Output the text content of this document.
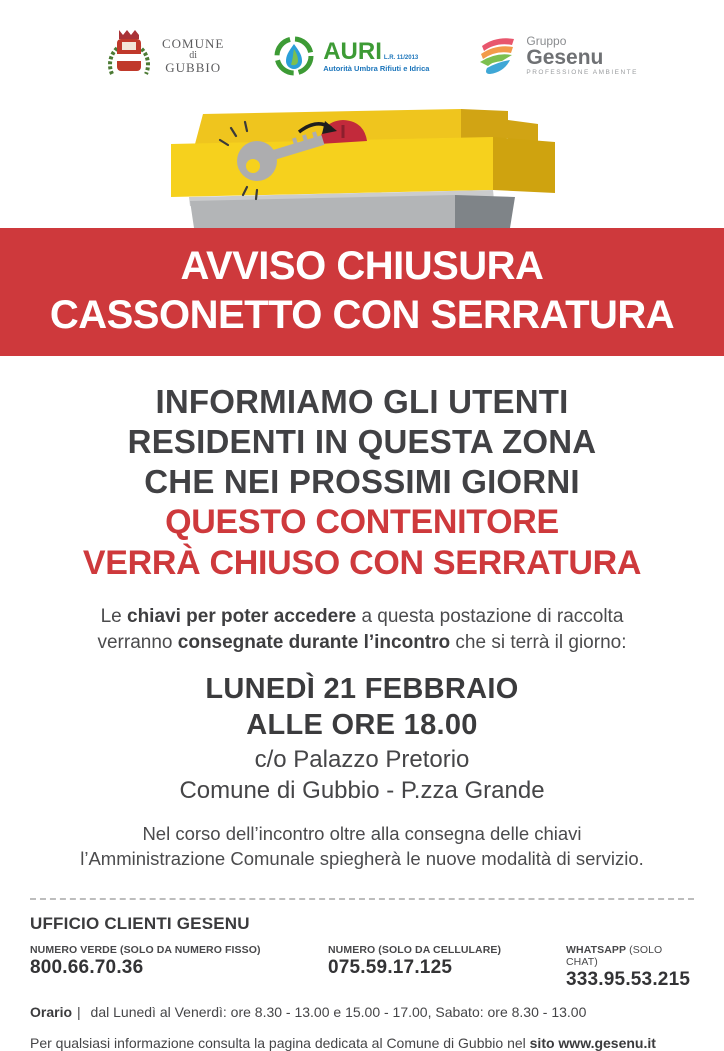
COMUNE
di
GUBBIO
AURI L.R. 11/2013
Autorità Umbra Rifiuti e Idrica
Gruppo
Gesenu
PROFESSIONE AMBIENTE
AVVISO CHIUSURA
CASSONETTO CON SERRATURA
INFORMIAMO GLI UTENTI
RESIDENTI IN QUESTA ZONA
CHE NEI PROSSIMI GIORNI
QUESTO CONTENITORE
VERRÀ CHIUSO CON SERRATURA

Le chiavi per poter accedere a questa postazione di raccolta verranno consegnate durante l’incontro che si terrà il giorno:

LUNEDÌ 21 FEBBRAIO
ALLE ORE 18.00
c/o Palazzo Pretorio
Comune di Gubbio - P.zza Grande

Nel corso dell’incontro oltre alla consegna delle chiavi
l’Amministrazione Comunale spiegherà le nuove modalità di servizio.

UFFICIO CLIENTI GESENU
NUMERO VERDE (SOLO DA NUMERO FISSO)
800.66.70.36
NUMERO (SOLO DA CELLULARE)
075.59.17.125
WHATSAPP (SOLO CHAT)
333.95.53.215
Orario | dal Lunedì al Venerdì: ore 8.30 - 13.00 e 15.00 - 17.00, Sabato: ore 8.30 - 13.00
Per qualsiasi informazione consulta la pagina dedicata al Comune di Gubbio nel sito www.gesenu.it
